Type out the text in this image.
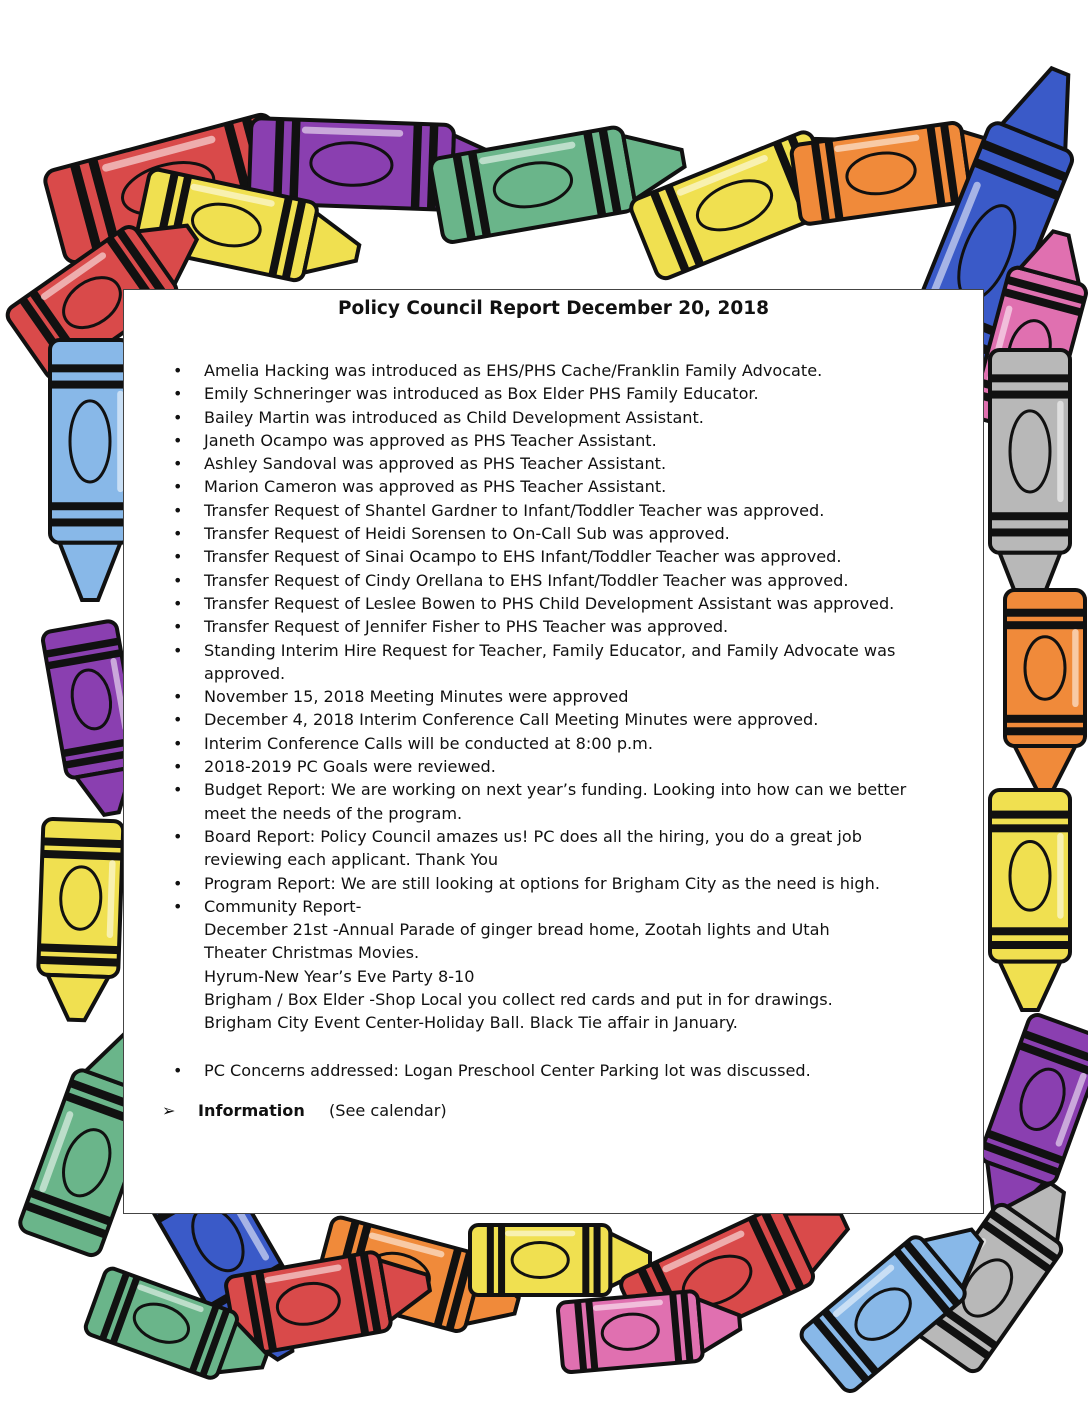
Policy Council Report December 20, 2018
• Amelia Hacking was introduced as EHS/PHS Cache/Franklin Family Advocate.
• Emily Schneringer was introduced as Box Elder PHS Family Educator.
• Bailey Martin was introduced as Child Development Assistant.
• Janeth Ocampo was approved as PHS Teacher Assistant.
• Ashley Sandoval was approved as PHS Teacher Assistant.
• Marion Cameron was approved as PHS Teacher Assistant.
• Transfer Request of Shantel Gardner to Infant/Toddler Teacher was approved.
• Transfer Request of Heidi Sorensen to On-Call Sub was approved.
• Transfer Request of Sinai Ocampo to EHS Infant/Toddler Teacher was approved.
• Transfer Request of Cindy Orellana to EHS Infant/Toddler Teacher was approved.
• Transfer Request of Leslee Bowen to PHS Child Development Assistant was approved.
• Transfer Request of Jennifer Fisher to PHS Teacher was approved.
• Standing Interim Hire Request for Teacher, Family Educator, and Family Advocate was
approved.
• November 15, 2018 Meeting Minutes were approved
• December 4, 2018 Interim Conference Call Meeting Minutes were approved.
• Interim Conference Calls will be conducted at 8:00 p.m.
• 2018-2019 PC Goals were reviewed.
• Budget Report: We are working on next year’s funding. Looking into how can we better
meet the needs of the program.
• Board Report: Policy Council amazes us! PC does all the hiring, you do a great job
reviewing each applicant. Thank You
• Program Report: We are still looking at options for Brigham City as the need is high.
• Community Report-
December 21st -Annual Parade of ginger bread home, Zootah lights and Utah
Theater Christmas Movies.
Hyrum-New Year’s Eve Party 8-10
Brigham / Box Elder -Shop Local you collect red cards and put in for drawings.
Brigham City Event Center-Holiday Ball. Black Tie affair in January.
• PC Concerns addressed: Logan Preschool Center Parking lot was discussed.
➢ Information (See calendar)
